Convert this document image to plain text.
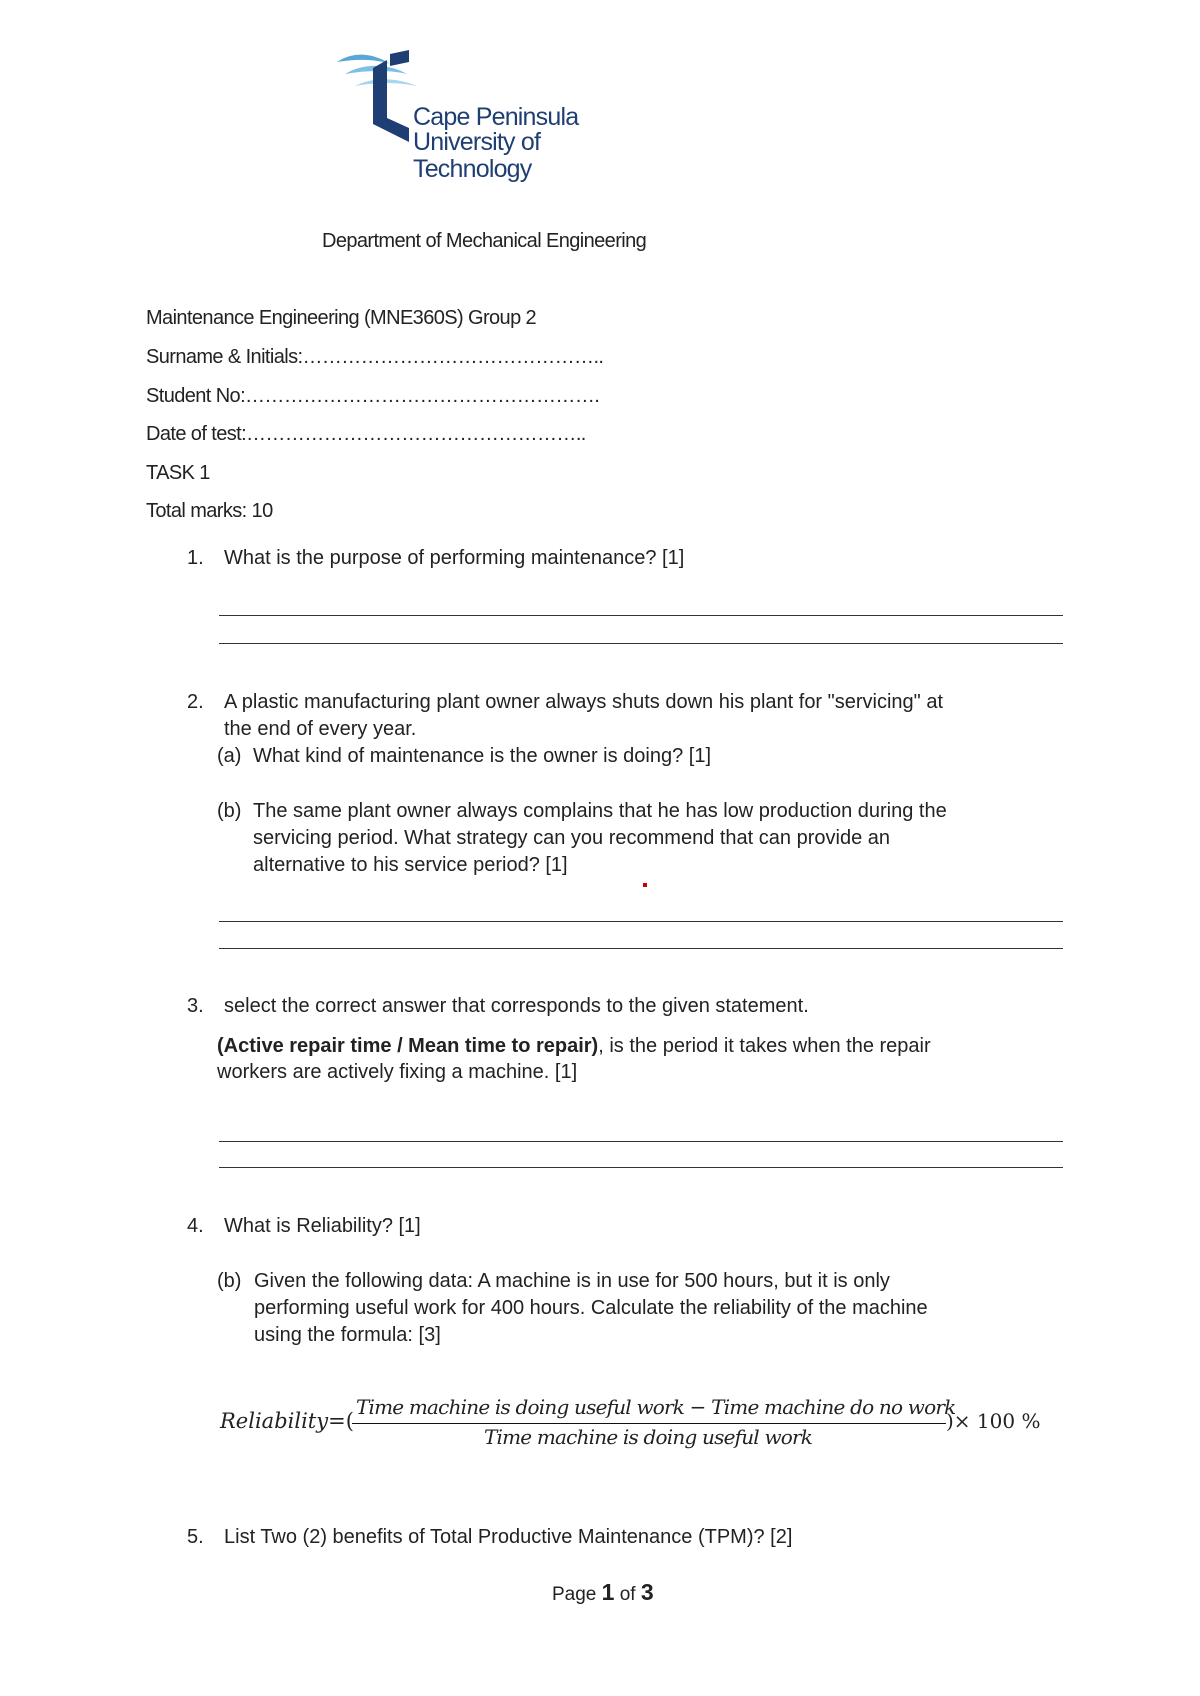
Cape Peninsula
University of Technology
Department of Mechanical Engineering
Maintenance Engineering (MNE360S) Group 2
Surname & Initials:………………………………………..
Student No:……………………………………………….
Date of test:……………………………………………..
TASK 1
Total marks: 10
1. What is the purpose of performing maintenance? [1]
2. A plastic manufacturing plant owner always shuts down his plant for "servicing" at
the end of every year.
(a) What kind of maintenance is the owner is doing? [1]
(b) The same plant owner always complains that he has low production during the
servicing period. What strategy can you recommend that can provide an
alternative to his service period? [1]
3. select the correct answer that corresponds to the given statement.
(Active repair time / Mean time to repair), is the period it takes when the repair
workers are actively fixing a machine. [1]
4. What is Reliability? [1]
(b) Given the following data: A machine is in use for 500 hours, but it is only
performing useful work for 400 hours. Calculate the reliability of the machine
using the formula: [3]
Reliability=(
Time machine is doing useful work − Time machine do no work
Time machine is doing useful work
)× 100 %
5. List Two (2) benefits of Total Productive Maintenance (TPM)? [2]
Page 1 of 3
